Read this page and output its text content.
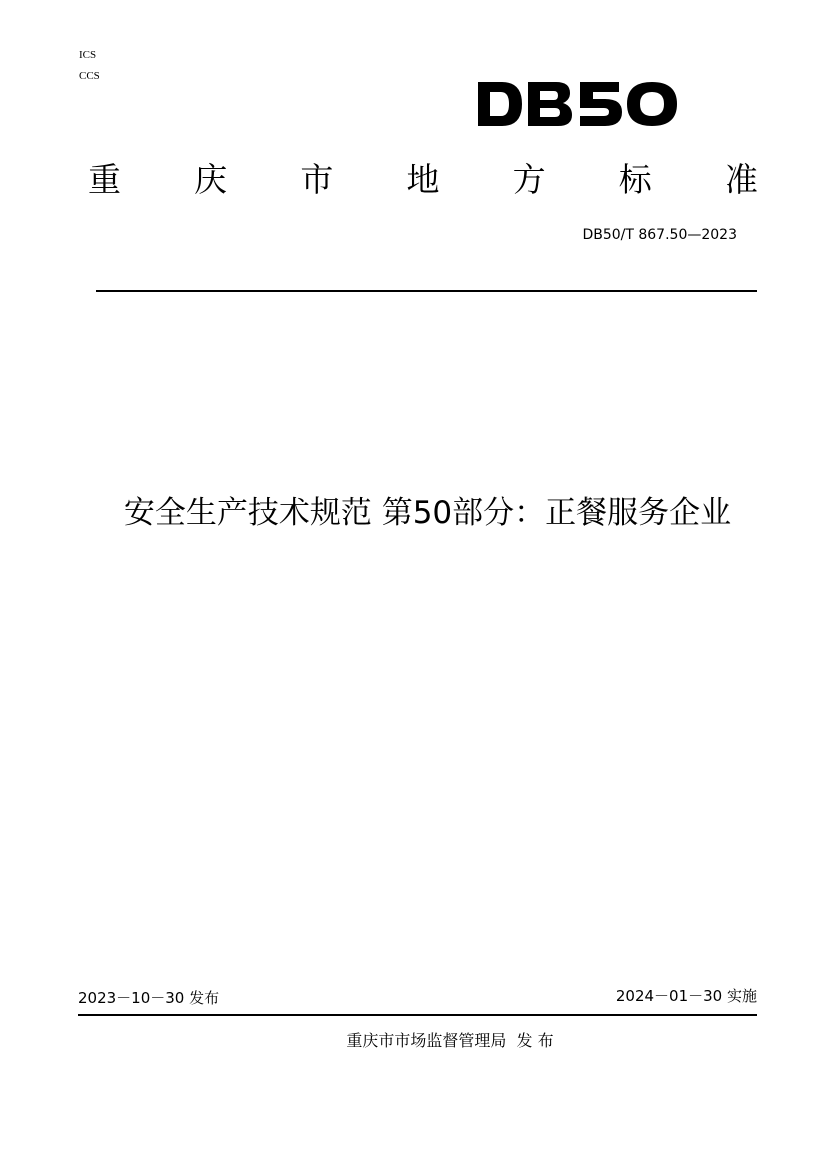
ICS
CCS
重 庆 市 地 方 标 准
DB50/T 867.50—2023
安全生产技术规范 第50部分：正餐服务企业
2023－10－30 发布	2024－01－30 实施
重庆市市场监督管理局  发 布
